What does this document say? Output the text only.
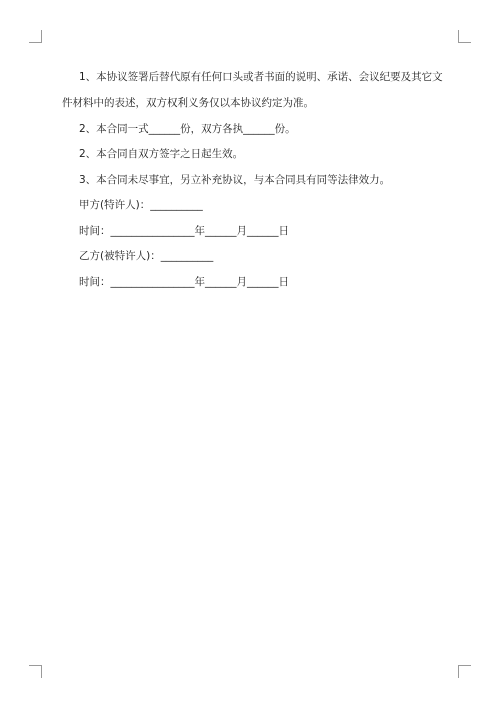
1、本协议签署后替代原有任何口头或者书面的说明、承诺、会议纪要及其它文
件材料中的表述，双方权利义务仅以本协议约定为准。
2、本合同一式______份，双方各执______份。
2、本合同自双方签字之日起生效。
3、本合同未尽事宜，另立补充协议，与本合同具有同等法律效力。
甲方(特许人)：__________
时间：________________年______月______日
乙方(被特许人)：__________
时间：________________年______月______日
